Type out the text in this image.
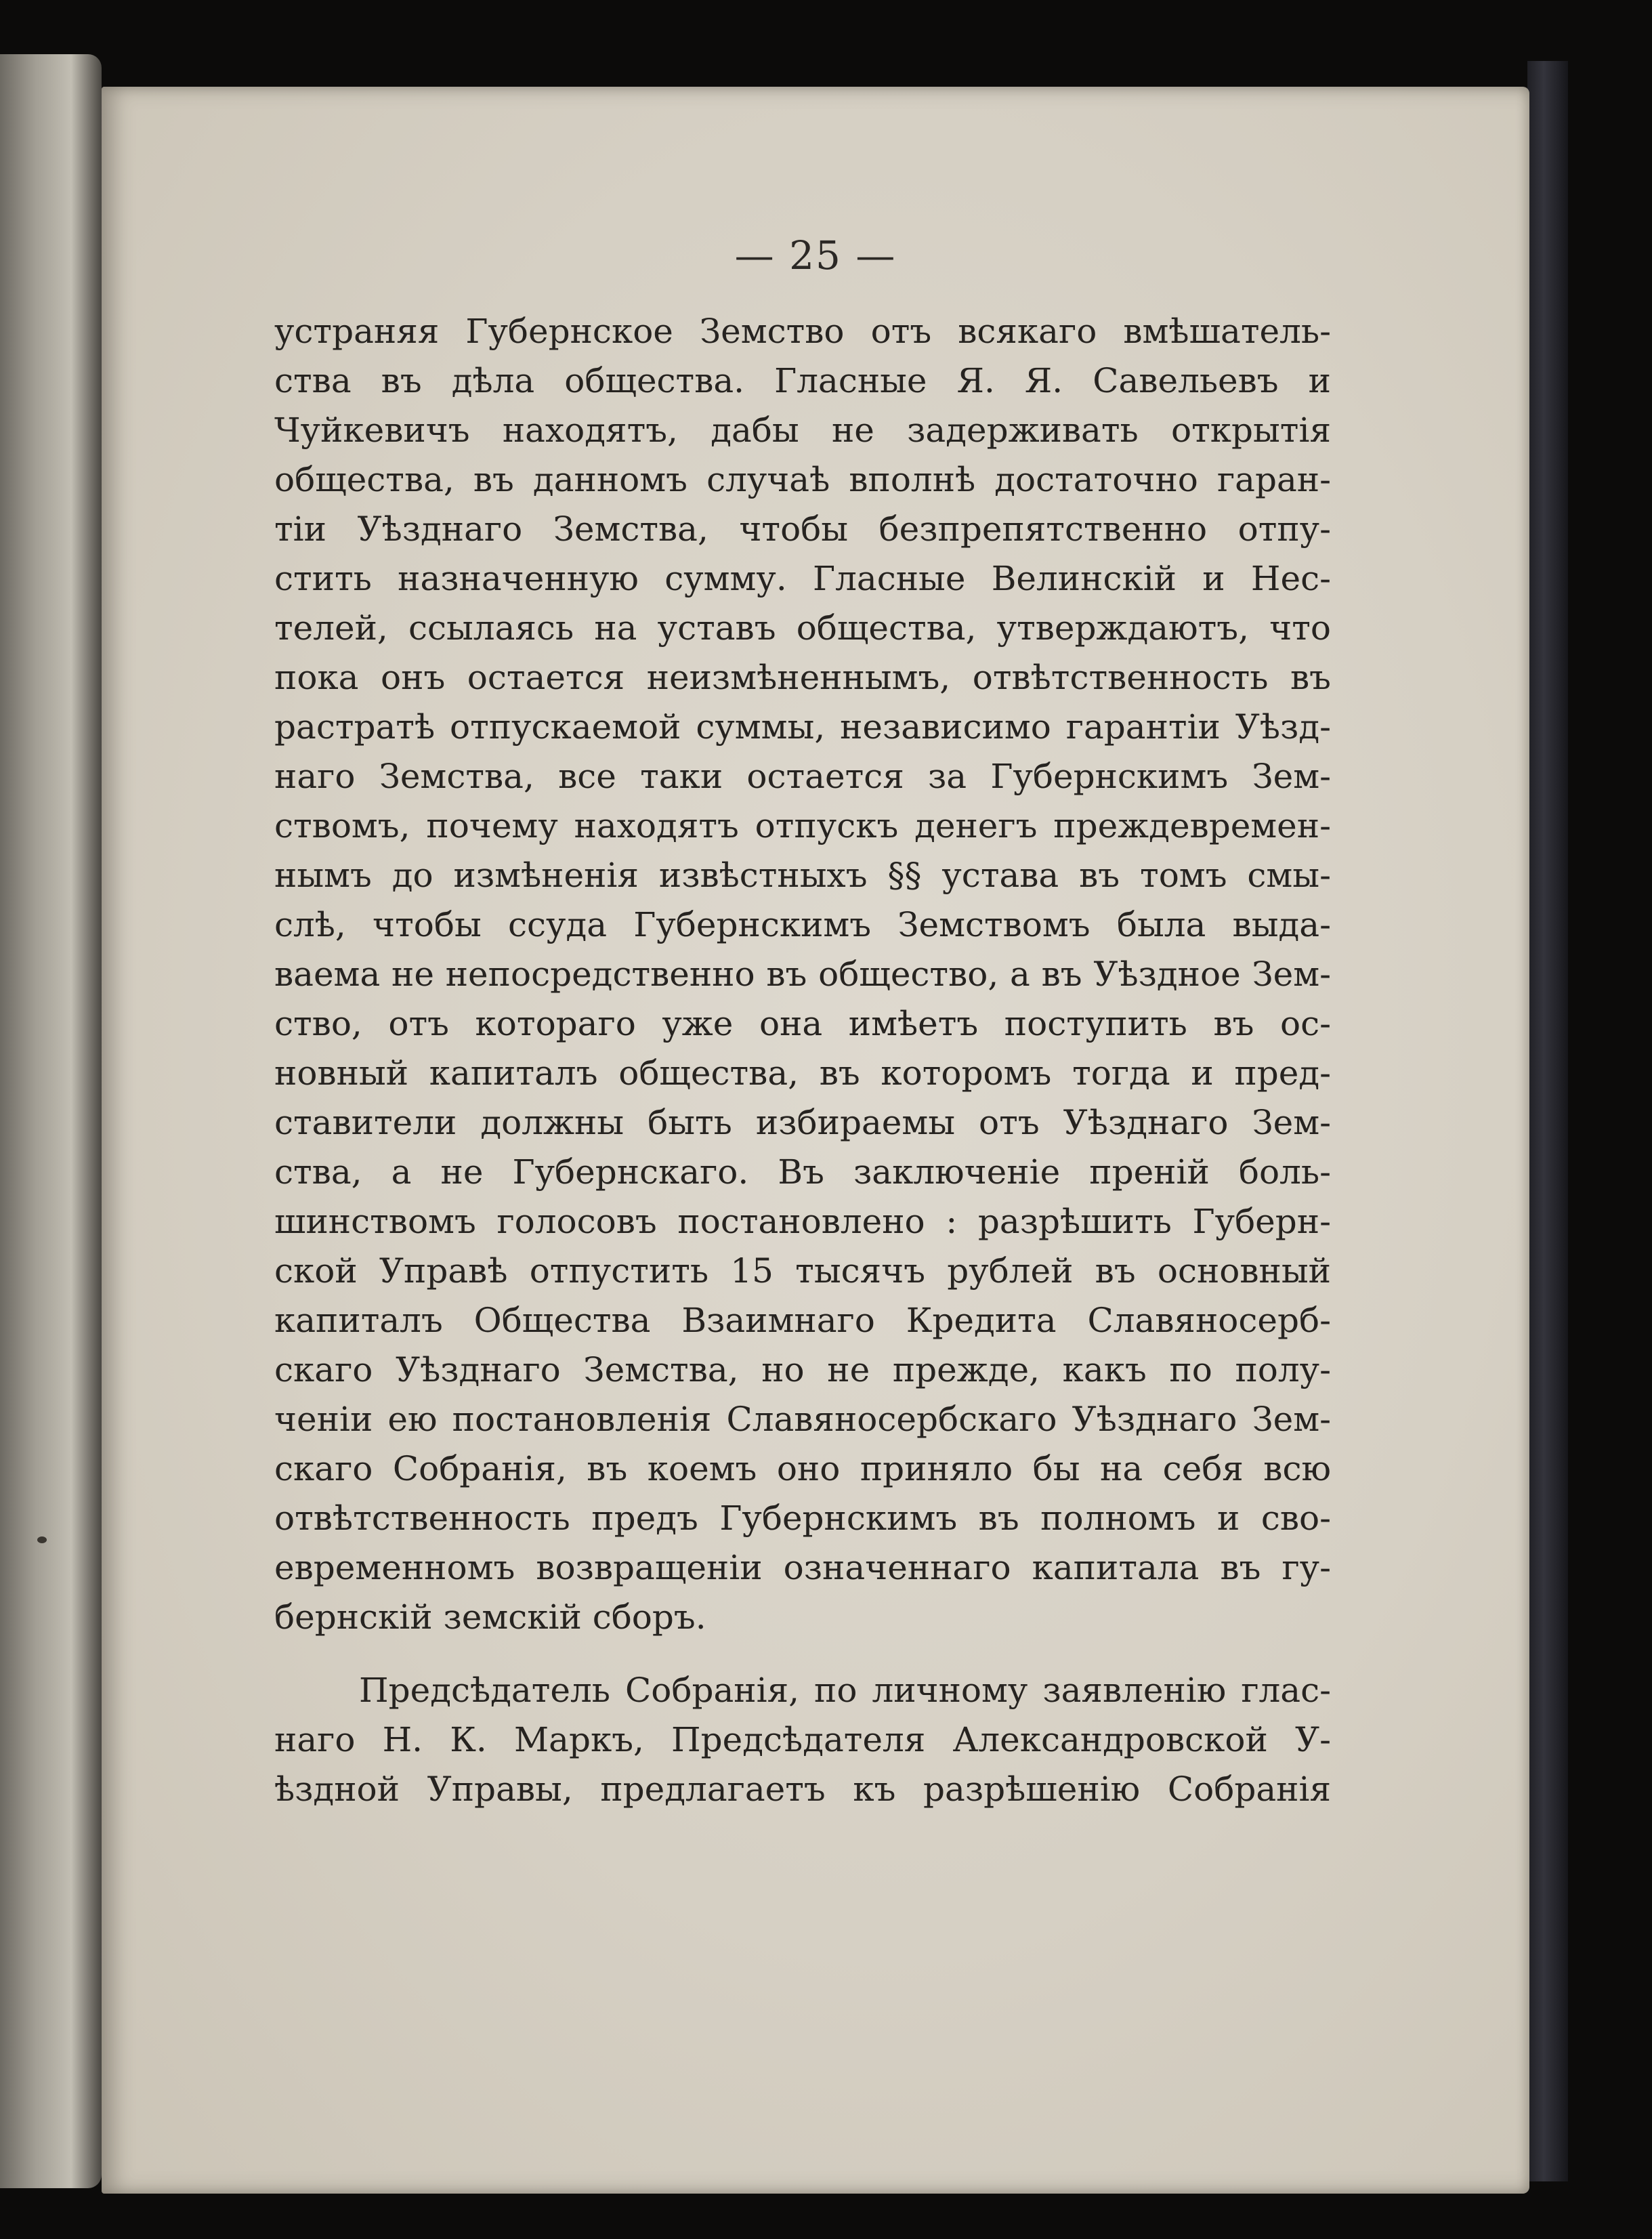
— 25 —
устраняя Губернское Земство отъ всякаго вмѣшатель-
ства въ дѣла общества. Гласные Я. Я. Савельевъ и
Чуйкевичъ находятъ, дабы не задерживать открытія
общества, въ данномъ случаѣ вполнѣ достаточно гаран-
тіи Уѣзднаго Земства, чтобы безпрепятственно отпу-
стить назначенную сумму. Гласные Велинскій и Нес-
телей, ссылаясь на уставъ общества, утверждаютъ, что
пока онъ остается неизмѣненнымъ, отвѣтственность въ
растратѣ отпускаемой суммы, независимо гарантіи Уѣзд-
наго Земства, все таки остается за Губернскимъ Зем-
ствомъ, почему находятъ отпускъ денегъ преждевремен-
нымъ до измѣненія извѣстныхъ §§ устава въ томъ смы-
слѣ, чтобы ссуда Губернскимъ Земствомъ была выда-
ваема не непосредственно въ общество, а въ Уѣздное Зем-
ство, отъ котораго уже она имѣетъ поступить въ ос-
новный капиталъ общества, въ которомъ тогда и пред-
ставители должны быть избираемы отъ Уѣзднаго Зем-
ства, а не Губернскаго. Въ заключеніе преній боль-
шинствомъ голосовъ постановлено : разрѣшить Губерн-
ской Управѣ отпустить 15 тысячъ рублей въ основный
капиталъ Общества Взаимнаго Кредита Славяносерб-
скаго Уѣзднаго Земства, но не прежде, какъ по полу-
ченіи ею постановленія Славяносербскаго Уѣзднаго Зем-
скаго Собранія, въ коемъ оно приняло бы на себя всю
отвѣтственность предъ Губернскимъ въ полномъ и сво-
евременномъ возвращеніи означеннаго капитала въ гу-
бернскій земскій сборъ.
Предсѣдатель Собранія, по личному заявленію глас-
наго Н. К. Маркъ, Предсѣдателя Александровской У-
ѣздной Управы, предлагаетъ къ разрѣшенію Собранія
